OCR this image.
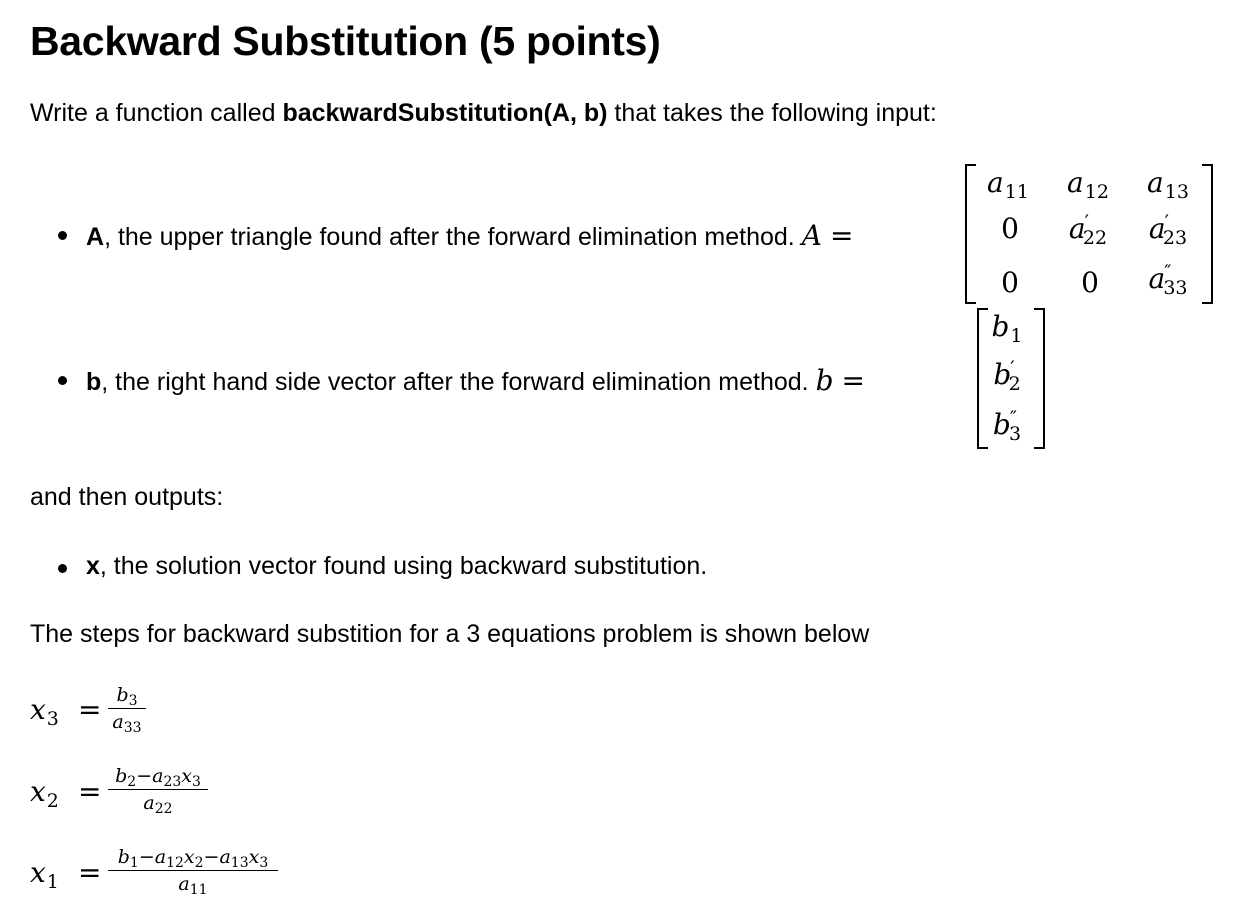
Backward Substitution (5 points)
Write a function called backwardSubstitution(A, b) that takes the following input:
A, the upper triangle found after the forward elimination method. A =
$a_{11}$	$a_{12}$	$a_{13}$
0	$a'_{22}$	$a'_{23}$
0	0	$a''_{33}$
b, the right hand side vector after the forward elimination method. b =
$b_1$
$b'_2$
$b''_3$
and then outputs:
x, the solution vector found using backward substitution.
The steps for backward substition for a 3 equations problem is shown below
$x_3 = b_3$
$a_{33}$
$x_2 = b_2-a_{23}x_3$
$a_{22}$
$x_1 = b_1-a_{12}x_2-a_{13}x_3$
$a_{11}$
